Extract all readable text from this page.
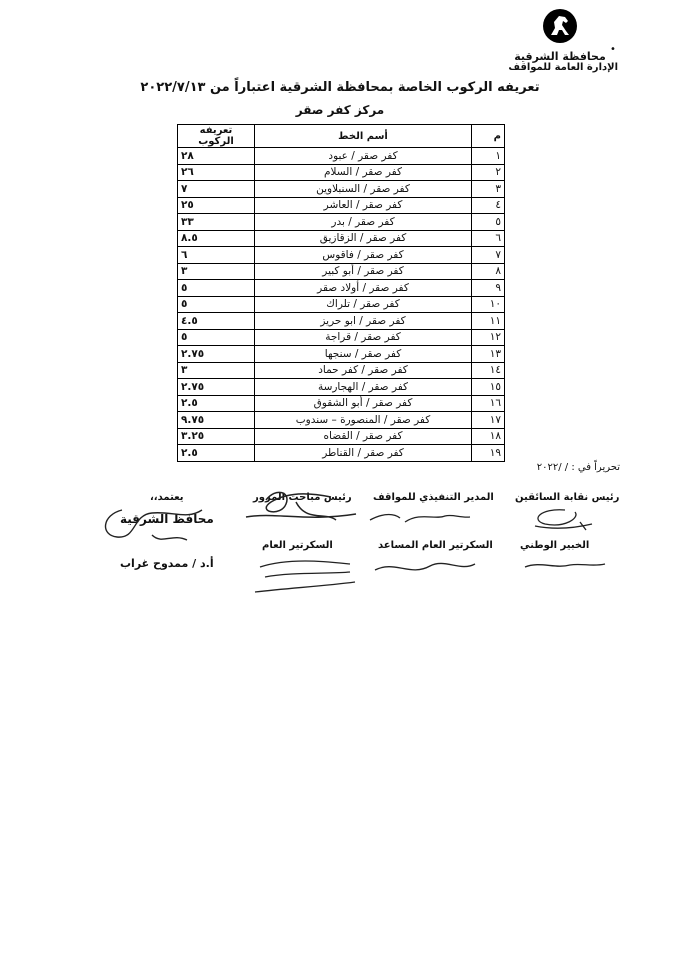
محافظة الشرقية
•
الإدارة العامة للمواقف
تعريفه الركوب الخاصة بمحافظة الشرقية اعتباراً من ٢٠٢٢/٧/١٣
مركز كفر صقر
م	أسم الخط	تعريفه الركوب
١	كفر صقر / عبود	٢٨
٢	كفر صقر / السلام	٢٦
٣	كفر صقر / السنبلاوين	٧
٤	كفر صقر / العاشر	٢٥
٥	كفر صقر / بدر	٣٣
٦	كفر صقر / الزقازيق	٨.٥
٧	كفر صقر / فاقوس	٦
٨	كفر صقر / أبو كبير	٣
٩	كفر صقر / أولاد صقر	٥
١٠	كفر صقر / تلراك	٥
١١	كفر صقر / ابو حريز	٤.٥
١٢	كفر صقر / قراجة	٥
١٣	كفر صقر / سنجها	٢.٧٥
١٤	كفر صقر / كفر حماد	٣
١٥	كفر صقر / الهجارسة	٢.٧٥
١٦	كفر صقر / أبو الشقوق	٢.٥
١٧	كفر صقر / المنصورة – سندوب	٩.٧٥
١٨	كفر صقر / القضاه	٣.٢٥
١٩	كفر صقر / القناطر	٢.٥
تحريراً في : / /٢٠٢٢
رئيس نقابة السائقين
المدير التنفيذي للمواقف
رئيس مباحث المرور
يعتمد،،
الخبير الوطني
السكرتير العام المساعد
السكرتير العام
محافظ الشرقية
أ.د / ممدوح غراب
